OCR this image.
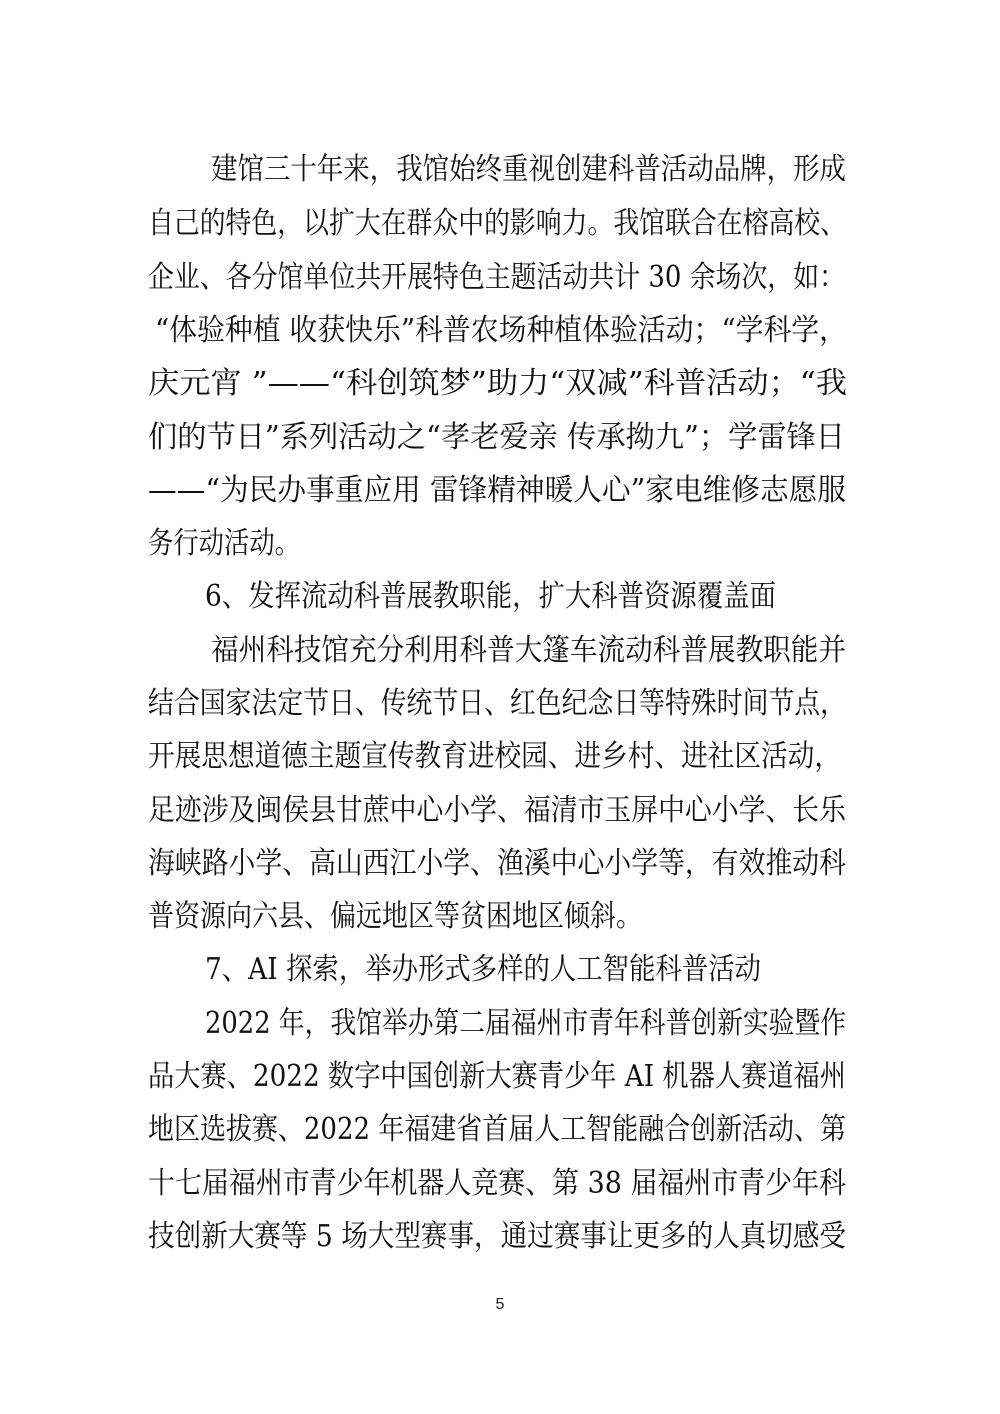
建馆三十年来，我馆始终重视创建科普活动品牌，形成
自己的特色，以扩大在群众中的影响力。我馆联合在榕高校、
企业、各分馆单位共开展特色主题活动共计 30 余场次，如：
“体验种植 收获快乐”科普农场种植体验活动；“学科学，
庆元宵 ”——“科创筑梦”助力“双减”科普活动；“我
们的节日”系列活动之“孝老爱亲 传承拗九”；学雷锋日
——“为民办事重应用 雷锋精神暖人心”家电维修志愿服
务行动活动。
6、发挥流动科普展教职能，扩大科普资源覆盖面
福州科技馆充分利用科普大篷车流动科普展教职能并
结合国家法定节日、传统节日、红色纪念日等特殊时间节点，
开展思想道德主题宣传教育进校园、进乡村、进社区活动，
足迹涉及闽侯县甘蔗中心小学、福清市玉屏中心小学、长乐
海峡路小学、高山西江小学、渔溪中心小学等，有效推动科
普资源向六县、偏远地区等贫困地区倾斜。
7、AI 探索，举办形式多样的人工智能科普活动
2022 年，我馆举办第二届福州市青年科普创新实验暨作
品大赛、2022 数字中国创新大赛青少年 AI 机器人赛道福州
地区选拔赛、2022 年福建省首届人工智能融合创新活动、第
十七届福州市青少年机器人竞赛、第 38 届福州市青少年科
技创新大赛等 5 场大型赛事，通过赛事让更多的人真切感受
5
